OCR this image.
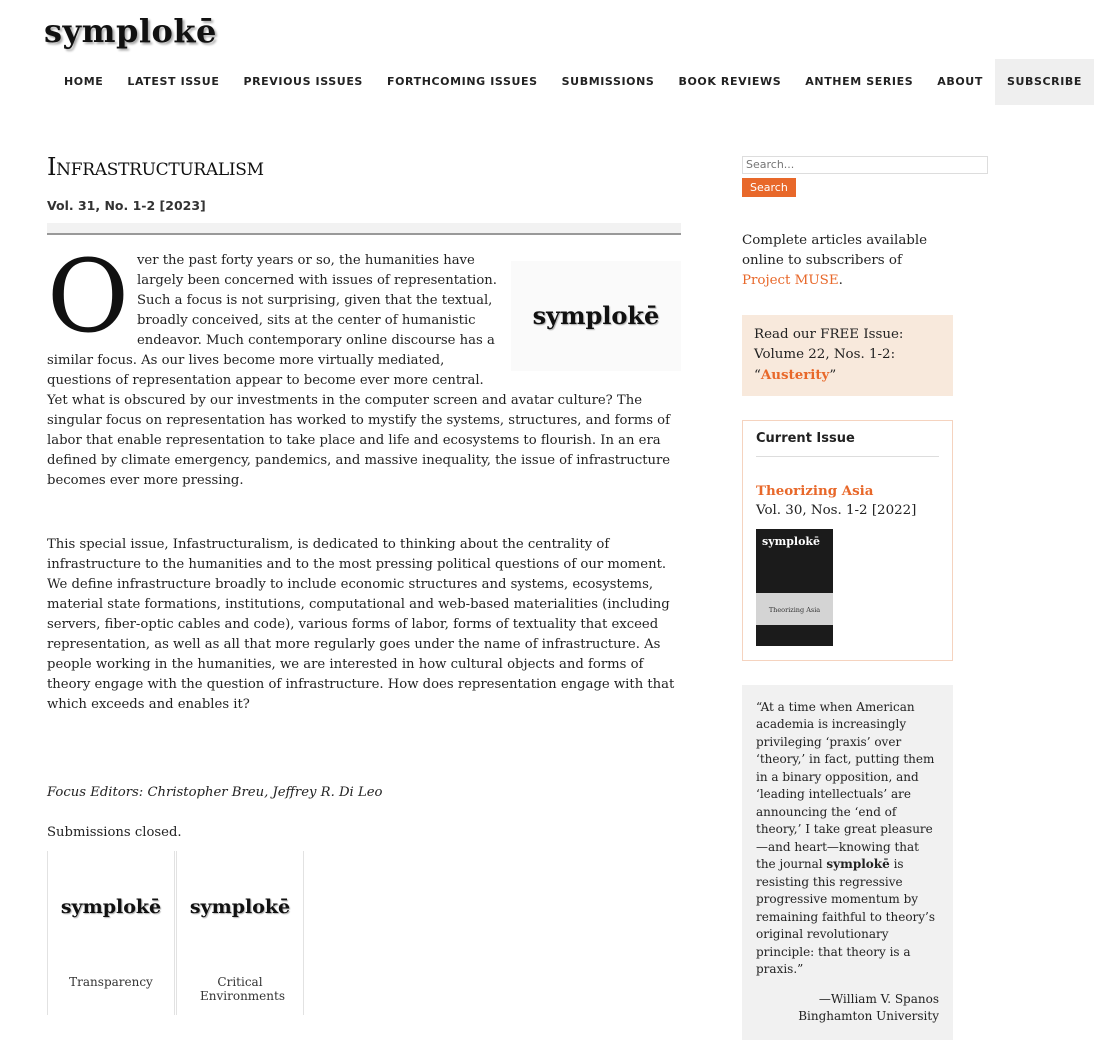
symplokē
HOME	LATEST ISSUE	PREVIOUS ISSUES	FORTHCOMING ISSUES	SUBMISSIONS	BOOK REVIEWS	ANTHEM SERIES	ABOUT	SUBSCRIBE
Infrastructuralism
Vol. 31, No. 1-2 [2023]
O	symplokē
ver the past forty years or so, the humanities have largely been concerned with issues of representation. Such a focus is not surprising, given that the textual, broadly conceived, sits at the center of humanistic endeavor. Much contemporary online discourse has a similar focus. As our lives become more virtually mediated, questions of representation appear to become ever more central. Yet what is obscured by our investments in the computer screen and avatar culture? The singular focus on representation has worked to mystify the systems, structures, and forms of labor that enable representation to take place and life and ecosystems to flourish. In an era defined by climate emergency, pandemics, and massive inequality, the issue of infrastructure becomes ever more pressing.
This special issue, Infastructuralism, is dedicated to thinking about the centrality of infrastructure to the humanities and to the most pressing political questions of our moment. We define infrastructure broadly to include economic structures and systems, ecosystems, material state formations, institutions, computational and web-based materialities (including servers, fiber-optic cables and code), various forms of labor, forms of textuality that exceed representation, as well as all that more regularly goes under the name of infrastructure. As people working in the humanities, we are interested in how cultural objects and forms of theory engage with the question of infrastructure. How does representation engage with that which exceeds and enables it?
Focus Editors: Christopher Breu, Jeffrey R. Di Leo
Submissions closed.
symplokē
Transparency
symplokē
Critical Environments
Search...
Search
Complete articles available online to subscribers of Project MUSE.
Read our FREE Issue: Volume 22, Nos. 1-2: “Austerity”
Current Issue
Theorizing Asia
Vol. 30, Nos. 1-2 [2022]
symplokē
Theorizing Asia
“At a time when American academia is increasingly privileging ‘praxis’ over ‘theory,’ in fact, putting them in a binary opposition, and ‘leading intellectuals’ are announcing the ‘end of theory,’ I take great pleasure—and heart—knowing that the journal symplokē is resisting this regressive progressive momentum by remaining faithful to theory’s original revolutionary principle: that theory is a praxis.”
—William V. Spanos
Binghamton University
